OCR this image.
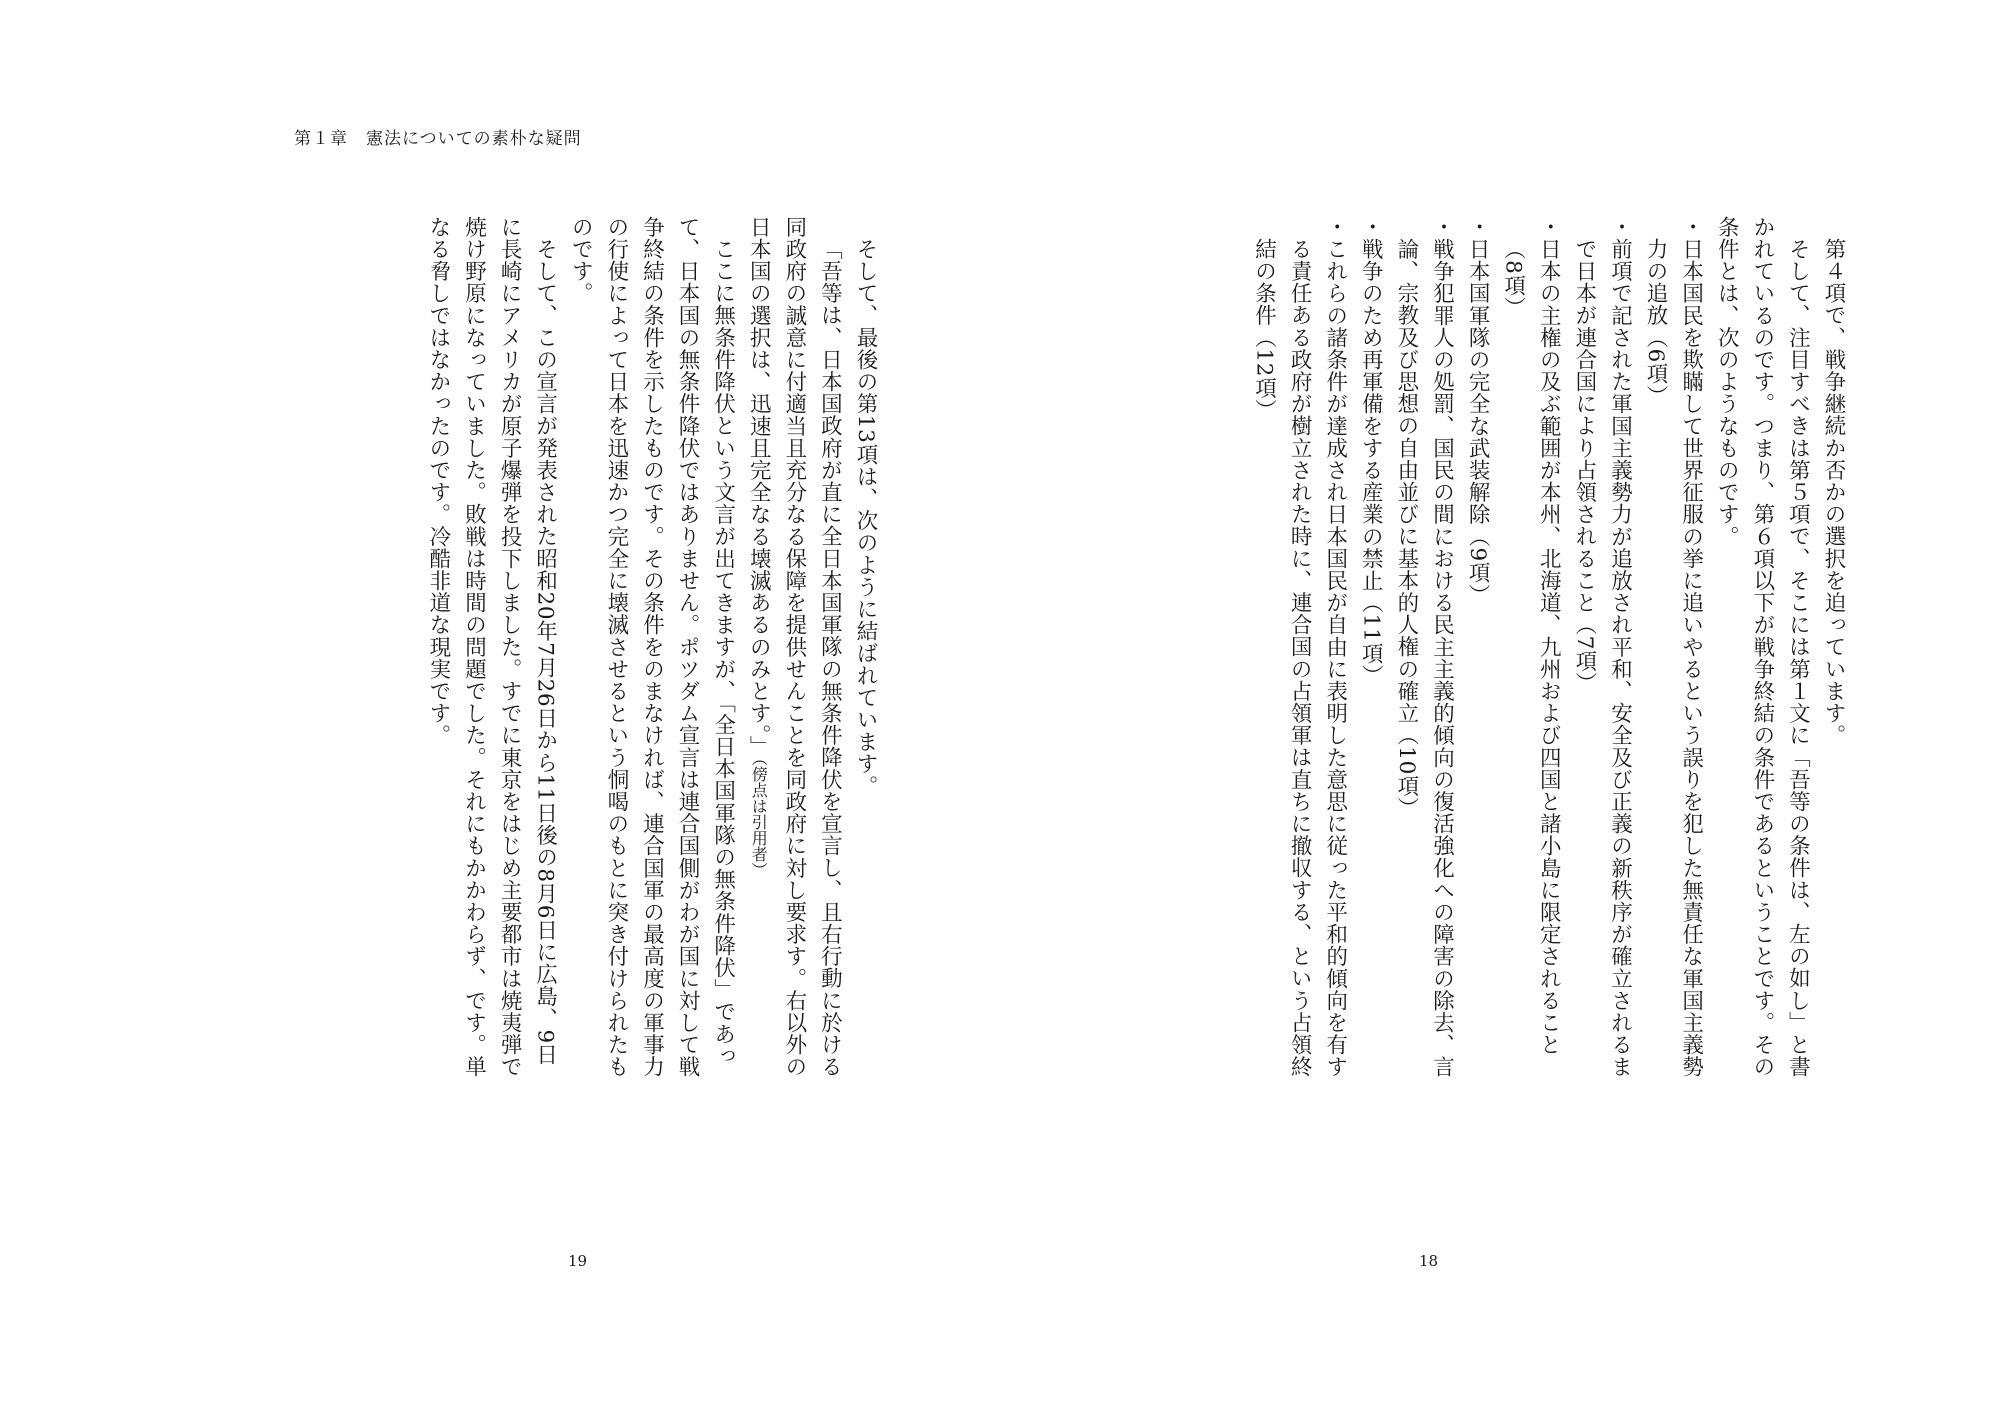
第１章　憲法についての素朴な疑問

そして、最後の第13項は、次のように結ばれています。

「吾等は、日本国政府が直に全日本国軍隊の無条件降伏を宣言し、且右行動に於ける同政府の誠意に付適当且充分なる保障を提供せんことを同政府に対し要求す。右以外の日本国の選択は、迅速且完全なる壊滅あるのみとす。」（傍点は引用者）

ここに無条件降伏という文言が出てきますが、「全日本国軍隊の無条件降伏」であって、日本国の無条件降伏ではありません。ポツダム宣言は連合国側がわが国に対して戦争終結の条件を示したものです。その条件をのまなければ、連合国軍の最高度の軍事力の行使によって日本を迅速かつ完全に壊滅させるという恫喝のもとに突き付けられたものです。

そして、この宣言が発表された昭和20年7月26日から11日後の8月6日に広島、9日に長崎にアメリカが原子爆弾を投下しました。すでに東京をはじめ主要都市は焼夷弾で焼け野原になっていました。敗戦は時間の問題でした。それにもかかわらず、です。単なる脅しではなかったのです。冷酷非道な現実です。

19

第４項で、戦争継続か否かの選択を迫っています。

そして、注目すべきは第５項で、そこには第１文に「吾等の条件は、左の如し」と書かれているのです。つまり、第６項以下が戦争終結の条件であるということです。その条件とは、次のようなものです。

・日本国民を欺瞞して世界征服の挙に追いやるという誤りを犯した無責任な軍国主義勢力の追放（6項）

・前項で記された軍国主義勢力が追放され平和、安全及び正義の新秩序が確立されるまで日本が連合国により占領されること（7項）

・日本の主権の及ぶ範囲が本州、北海道、九州および四国と諸小島に限定されること（8項）

・日本国軍隊の完全な武装解除（9項）

・戦争犯罪人の処罰、国民の間における民主主義的傾向の復活強化への障害の除去、言論、宗教及び思想の自由並びに基本的人権の確立（10項）

・戦争のため再軍備をする産業の禁止（11項）

・これらの諸条件が達成され日本国民が自由に表明した意思に従った平和的傾向を有する責任ある政府が樹立された時に、連合国の占領軍は直ちに撤収する、という占領終結の条件（12項）

18
